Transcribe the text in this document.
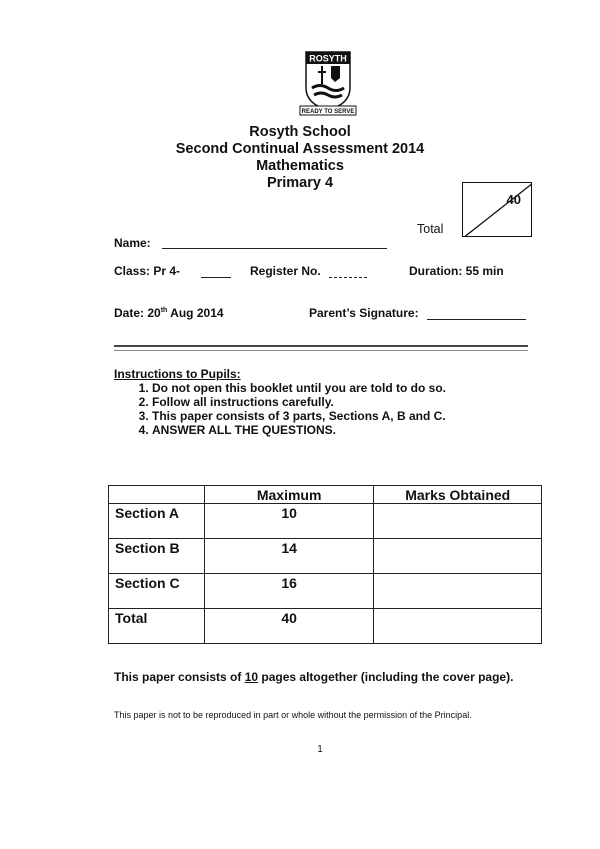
ROSYTH
READY TO SERVE
Rosyth School
Second Continual Assessment 2014
Mathematics
Primary 4
Total
40
Name:
Class: Pr 4-	Register No.	Duration: 55 min
Date: 20th Aug 2014	Parent’s Signature:
Instructions to Pupils:
1. Do not open this booklet until you are told to do so.
2. Follow all instructions carefully.
3. This paper consists of 3 parts, Sections A, B and C.
4. ANSWER ALL THE QUESTIONS.
	Maximum	Marks Obtained
Section A	10	
Section B	14	
Section C	16	
Total	40	
This paper consists of 10 pages altogether (including the cover page).
This paper is not to be reproduced in part or whole without the permission of the Principal.
1
